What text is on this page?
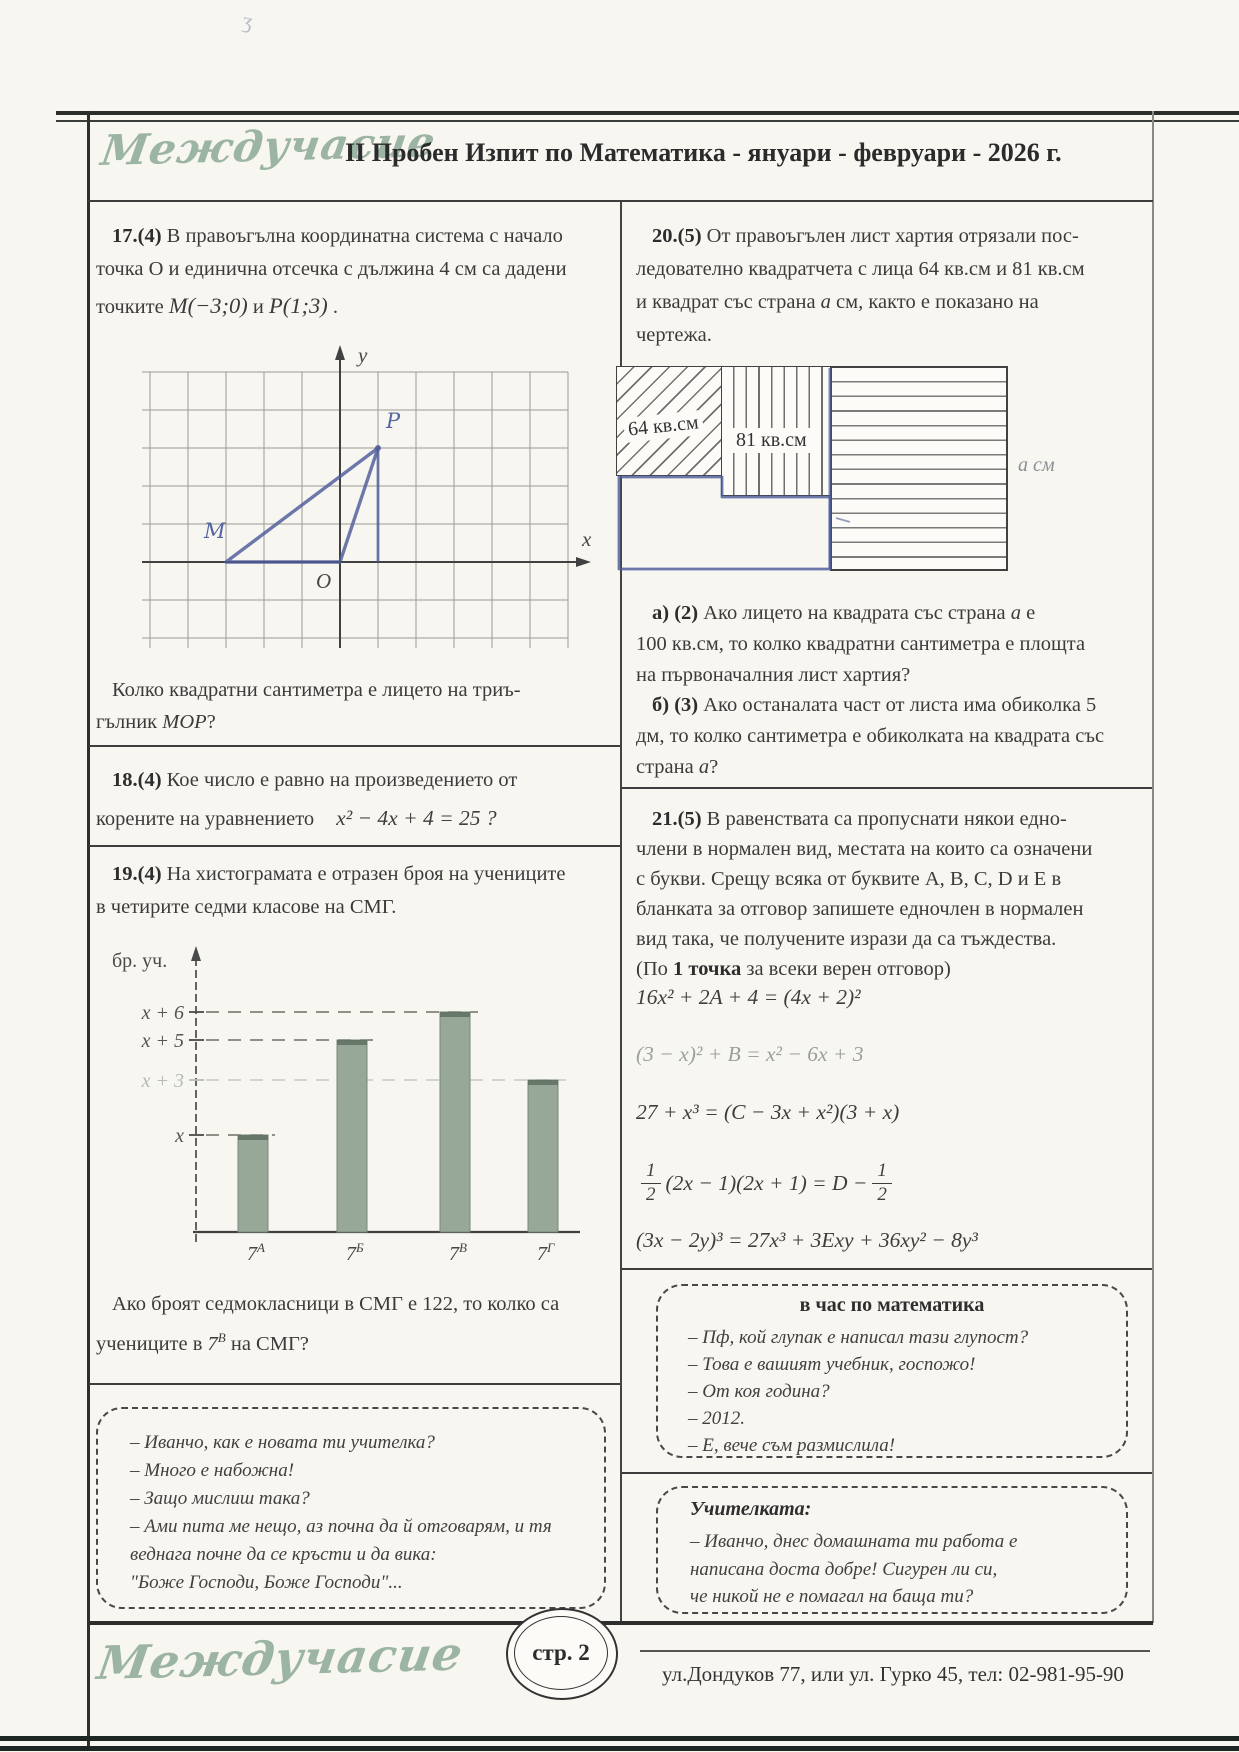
ʒ
Междучасие
II Пробен Изпит по Математика - януари - февруари - 2026 г.
17.(4) В правоъгълна координатна система с начало
точка О и единична отсечка с дължина 4 см са дадени
точките M(−3;0) и P(1;3) .
y
x
O
M
P
Колко квадратни сантиметра е лицето на триъ-
гълник MOP?
18.(4) Кое число е равно на произведението от
корените на уравнението x² − 4x + 4 = 25 ?
19.(4) На хистограмата е отразен броя на учениците
в четирите седми класове на СМГ.
x + 6
x + 5
x + 3
x
$7^А$	$7^Б$	$7^В$	$7^Г$
бр. уч.
Ако броят седмокласници в СМГ е 122, то колко са
учениците в $7^В$ на СМГ?
– Иванчо, как е новата ти учителка?
– Много е набожна!
– Защо мислиш така?
– Ами пита ме нещо, аз почна да й отговарям, и тя
веднага почне да се кръсти и да вика:
"Боже Господи, Боже Господи"...
20.(5) От правоъгълен лист хартия отрязали пос-
ледователно квадратчета с лица 64 кв.см и 81 кв.см
и квадрат със страна а см, както е показано на
чертежа.
64 кв.см 81 кв.см
а см
а) (2) Ако лицето на квадрата със страна а е
100 кв.см, то колко квадратни сантиметра е площта
на първоначалния лист хартия?
б) (3) Ако останалата част от листа има обиколка 5
дм, то колко сантиметра е обиколката на квадрата със
страна а?
21.(5) В равенствата са пропуснати някои едно-
члени в нормален вид, местата на които са означени
с букви. Срещу всяка от буквите A, B, C, D и E в
бланката за отговор запишете едночлен в нормален
вид така, че получените изрази да са тъждества.
(По 1 точка за всеки верен отговор)
16x² + 2A + 4 = (4x + 2)²
(3 − x)² + B = x² − 6x + 3
27 + x³ = (C − 3x + x²)(3 + x)
$\frac{1}{2} (2x - 1)(2x + 1) = D - \frac{1}{2}$
(3x − 2y)³ = 27x³ + 3Exy + 36xy² − 8y³
в час по математика
– Пф, кой глупак е написал тази глупост?
– Това е вашият учебник, госпожо!
– От коя година?
– 2012.
– Е, вече съм размислила!
Учителката:
– Иванчо, днес домашната ти работа е
написана доста добре! Сигурен ли си,
че никой не е помагал на баща ти?
Междучасие	стр. 2
ул.Дондуков 77, или ул. Гурко 45, тел: 02-981-95-90
